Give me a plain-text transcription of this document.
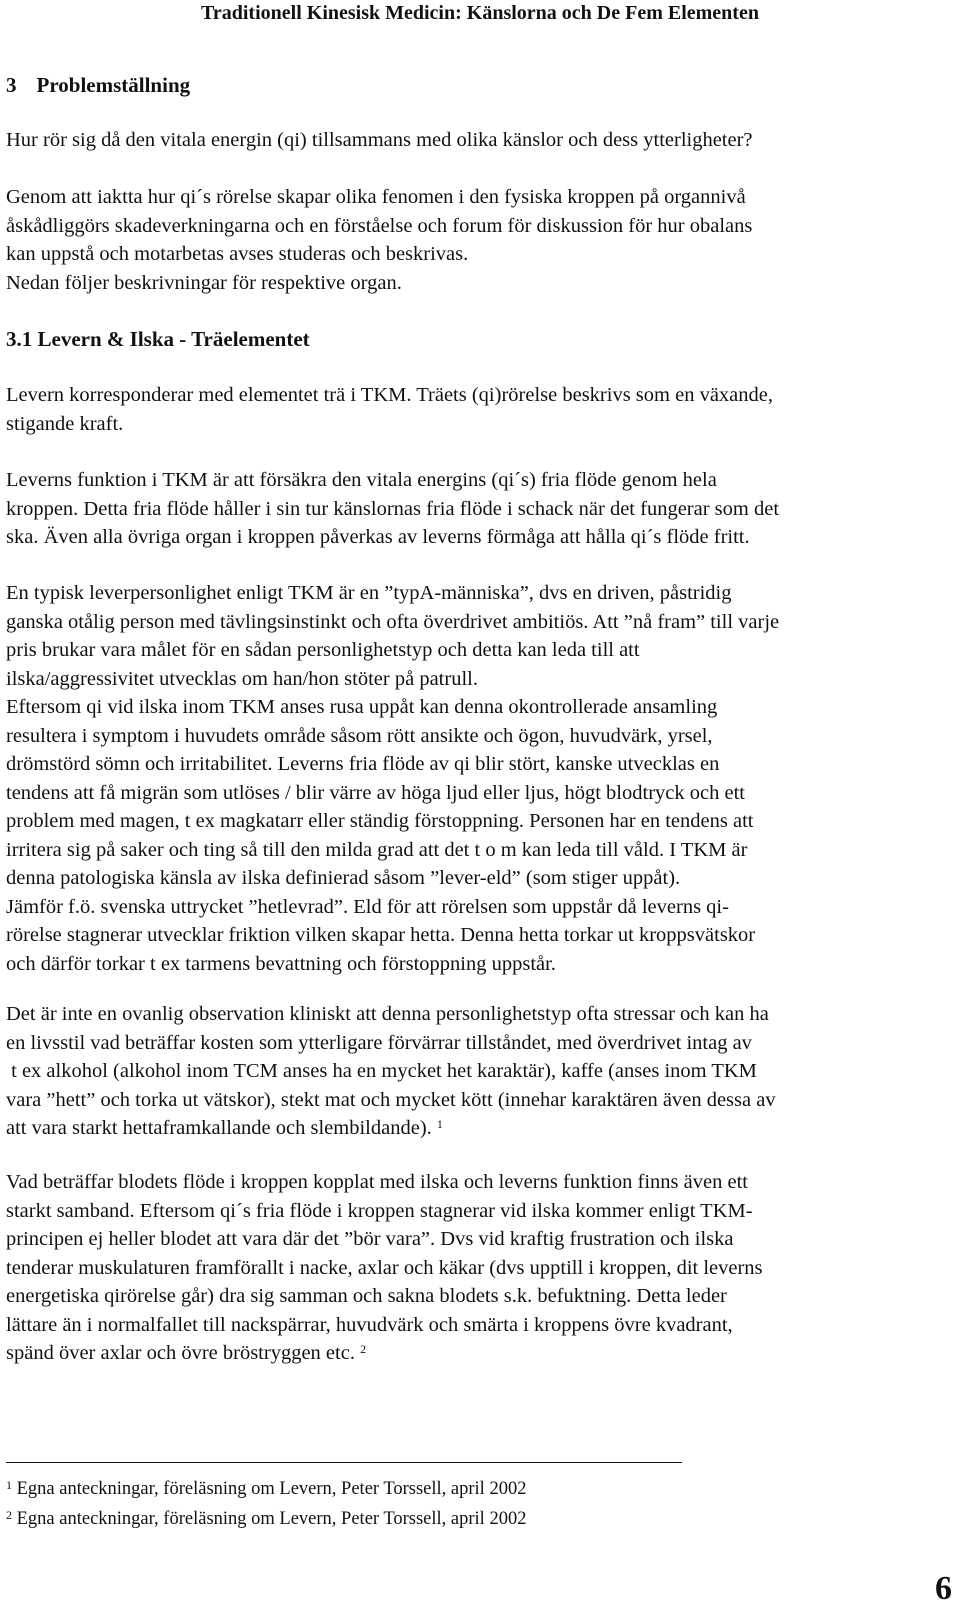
Traditionell Kinesisk Medicin: Känslorna och De Fem Elementen
3 Problemställning

Hur rör sig då den vitala energin (qi) tillsammans med olika känslor och dess ytterligheter?

Genom att iaktta hur qi´s rörelse skapar olika fenomen i den fysiska kroppen på organnivå

åskådliggörs skadeverkningarna och en förståelse och forum för diskussion för hur obalans

kan uppstå och motarbetas avses studeras och beskrivas.

Nedan följer beskrivningar för respektive organ.

3.1 Levern & Ilska - Träelementet

Levern korresponderar med elementet trä i TKM. Träets (qi)rörelse beskrivs som en växande,

stigande kraft.

Leverns funktion i TKM är att försäkra den vitala energins (qi´s) fria flöde genom hela

kroppen. Detta fria flöde håller i sin tur känslornas fria flöde i schack när det fungerar som det

ska. Även alla övriga organ i kroppen påverkas av leverns förmåga att hålla qi´s flöde fritt.

En typisk leverpersonlighet enligt TKM är en ”typA-människa”, dvs en driven, påstridig

ganska otålig person med tävlingsinstinkt och ofta överdrivet ambitiös. Att ”nå fram” till varje

pris brukar vara målet för en sådan personlighetstyp och detta kan leda till att

ilska/aggressivitet utvecklas om han/hon stöter på patrull.

Eftersom qi vid ilska inom TKM anses rusa uppåt kan denna okontrollerade ansamling

resultera i symptom i huvudets område såsom rött ansikte och ögon, huvudvärk, yrsel,

drömstörd sömn och irritabilitet. Leverns fria flöde av qi blir stört, kanske utvecklas en

tendens att få migrän som utlöses / blir värre av höga ljud eller ljus, högt blodtryck och ett

problem med magen, t ex magkatarr eller ständig förstoppning. Personen har en tendens att

irritera sig på saker och ting så till den milda grad att det t o m kan leda till våld. I TKM är

denna patologiska känsla av ilska definierad såsom ”lever-eld” (som stiger uppåt).

Jämför f.ö. svenska uttrycket ”hetlevrad”. Eld för att rörelsen som uppstår då leverns qi-

rörelse stagnerar utvecklar friktion vilken skapar hetta. Denna hetta torkar ut kroppsvätskor

och därför torkar t ex tarmens bevattning och förstoppning uppstår.

Det är inte en ovanlig observation kliniskt att denna personlighetstyp ofta stressar och kan ha

en livsstil vad beträffar kosten som ytterligare förvärrar tillståndet, med överdrivet intag av

t ex alkohol (alkohol inom TCM anses ha en mycket het karaktär), kaffe (anses inom TKM

vara ”hett” och torka ut vätskor), stekt mat och mycket kött (innehar karaktären även dessa av

att vara starkt hettaframkallande och slembildande). $^1$

Vad beträffar blodets flöde i kroppen kopplat med ilska och leverns funktion finns även ett

starkt samband. Eftersom qi´s fria flöde i kroppen stagnerar vid ilska kommer enligt TKM-

principen ej heller blodet att vara där det ”bör vara”. Dvs vid kraftig frustration och ilska

tenderar muskulaturen framförallt i nacke, axlar och käkar (dvs upptill i kroppen, dit leverns

energetiska qirörelse går) dra sig samman och sakna blodets s.k. befuktning. Detta leder

lättare än i normalfallet till nackspärrar, huvudvärk och smärta i kroppens övre kvadrant,

spänd över axlar och övre bröstryggen etc. $^2$

$^1$ Egna anteckningar, föreläsning om Levern, Peter Torssell, april 2002
$^2$ Egna anteckningar, föreläsning om Levern, Peter Torssell, april 2002
6
